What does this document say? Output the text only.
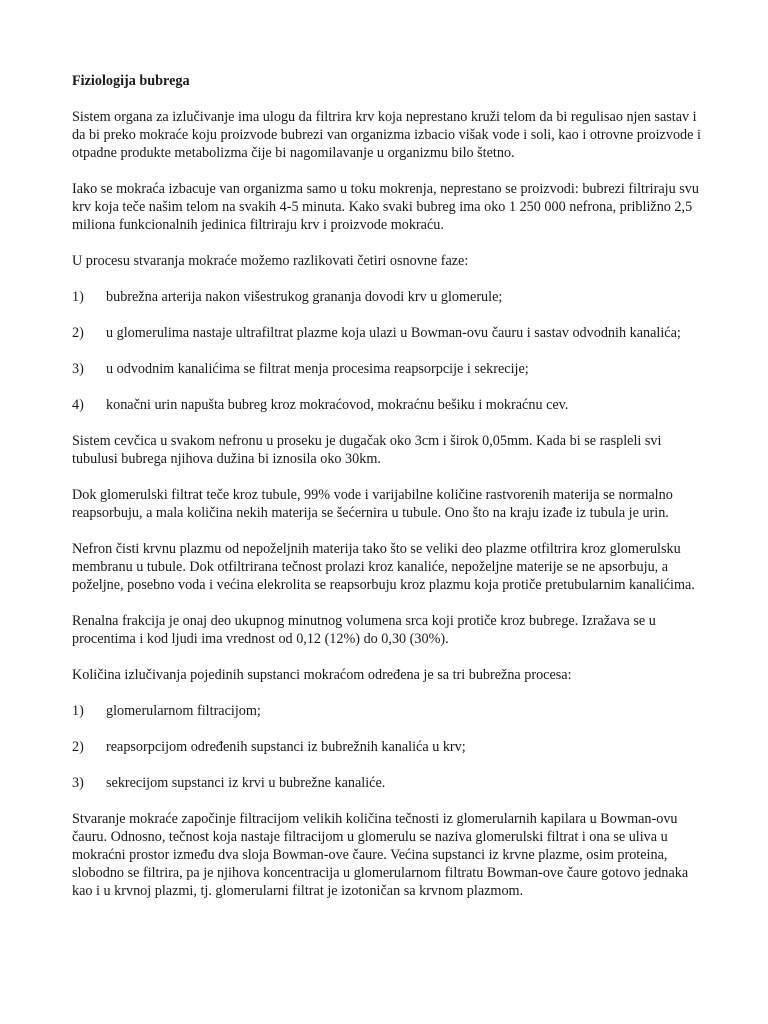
Fiziologija bubrega

Sistem organa za izlučivanje ima ulogu da filtrira krv koja neprestano kruži telom da bi regulisao njen sastav i da bi preko mokraće koju proizvode bubrezi van organizma izbacio višak vode i soli, kao i otrovne proizvode i otpadne produkte metabolizma čije bi nagomilavanje u organizmu bilo štetno.

Iako se mokraća izbacuje van organizma samo u toku mokrenja, neprestano se proizvodi: bubrezi filtriraju svu krv koja teče našim telom na svakih 4-5 minuta. Kako svaki bubreg ima oko 1 250 000 nefrona, približno 2,5 miliona funkcionalnih jedinica filtriraju krv i proizvode mokraću.

U procesu stvaranja mokraće možemo razlikovati četiri osnovne faze:

1)	bubrežna arterija nakon višestrukog grananja dovodi krv u glomerule;
2) u glomerulima nastaje ultrafiltrat plazme koja ulazi u Bowman-ovu čauru i sastav odvodnih kanalića;
3)	u odvodnim kanalićima se filtrat menja procesima reapsorpcije i sekrecije;
4)	konačni urin napušta bubreg kroz mokraćovod, mokraćnu bešiku i mokraćnu cev.

Sistem cevčica u svakom nefronu u proseku je dugačak oko 3cm i širok 0,05mm. Kada bi se raspleli svi tubulusi bubrega njihova dužina bi iznosila oko 30km.

Dok glomerulski filtrat teče kroz tubule, 99% vode i varijabilne količine rastvorenih materija se normalno reapsorbuju, a mala količina nekih materija se šećernira u tubule. Ono što na kraju izađe iz tubula je urin.

Nefron čisti krvnu plazmu od nepoželjnih materija tako što se veliki deo plazme otfiltrira kroz glomerulsku membranu u tubule. Dok otfiltrirana tečnost prolazi kroz kanaliće, nepoželjne materije se ne apsorbuju, a poželjne, posebno voda i većina elekrolita se reapsorbuju kroz plazmu koja protiče pretubularnim kanalićima.

Renalna frakcija je onaj deo ukupnog minutnog volumena srca koji protiče kroz bubrege. Izražava se u procentima i kod ljudi ima vrednost od 0,12 (12%) do 0,30 (30%).

Količina izlučivanja pojedinih supstanci mokraćom određena je sa tri bubrežna procesa:

1)	glomerularnom filtracijom;
2)	reapsorpcijom određenih supstanci iz bubrežnih kanalića u krv;
3)	sekrecijom supstanci iz krvi u bubrežne kanaliće.

Stvaranje mokraće započinje filtracijom velikih količina tečnosti iz glomerularnih kapilara u Bowman-ovu čauru. Odnosno, tečnost koja nastaje filtracijom u glomerulu se naziva glomerulski filtrat i ona se uliva u mokraćni prostor između dva sloja Bowman-ove čaure. Većina supstanci iz krvne plazme, osim proteina, slobodno se filtrira, pa je njihova koncentracija u glomerularnom filtratu Bowman-ove čaure gotovo jednaka kao i u krvnoj plazmi, tj. glomerularni filtrat je izotoničan sa krvnom plazmom.
